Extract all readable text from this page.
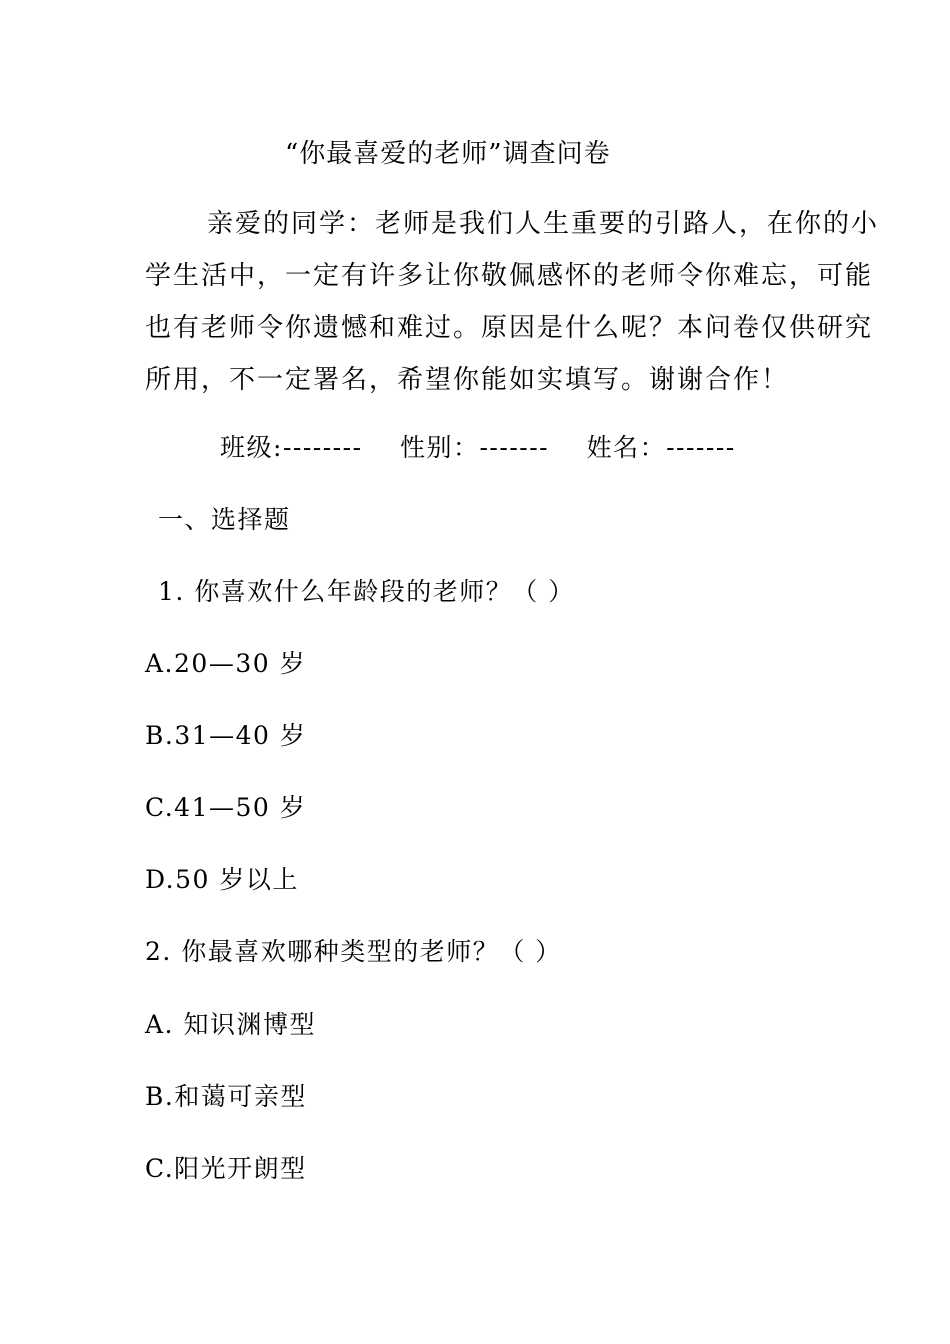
“你最喜爱的老师”调查问卷
亲爱的同学：老师是我们人生重要的引路人，在你的小
学生活中，一定有许多让你敬佩感怀的老师令你难忘，可能
也有老师令你遗憾和难过。原因是什么呢？本问卷仅供研究
所用，不一定署名，希望你能如实填写。谢谢合作！
班级:-------- 性别：------- 姓名：-------
一、选择题
1. 你喜欢什么年龄段的老师？（ ）
A.20—30 岁
B.31—40 岁
C.41—50 岁
D.50 岁以上
2. 你最喜欢哪种类型的老师？（ ）
A. 知识渊博型
B.和蔼可亲型
C.阳光开朗型
